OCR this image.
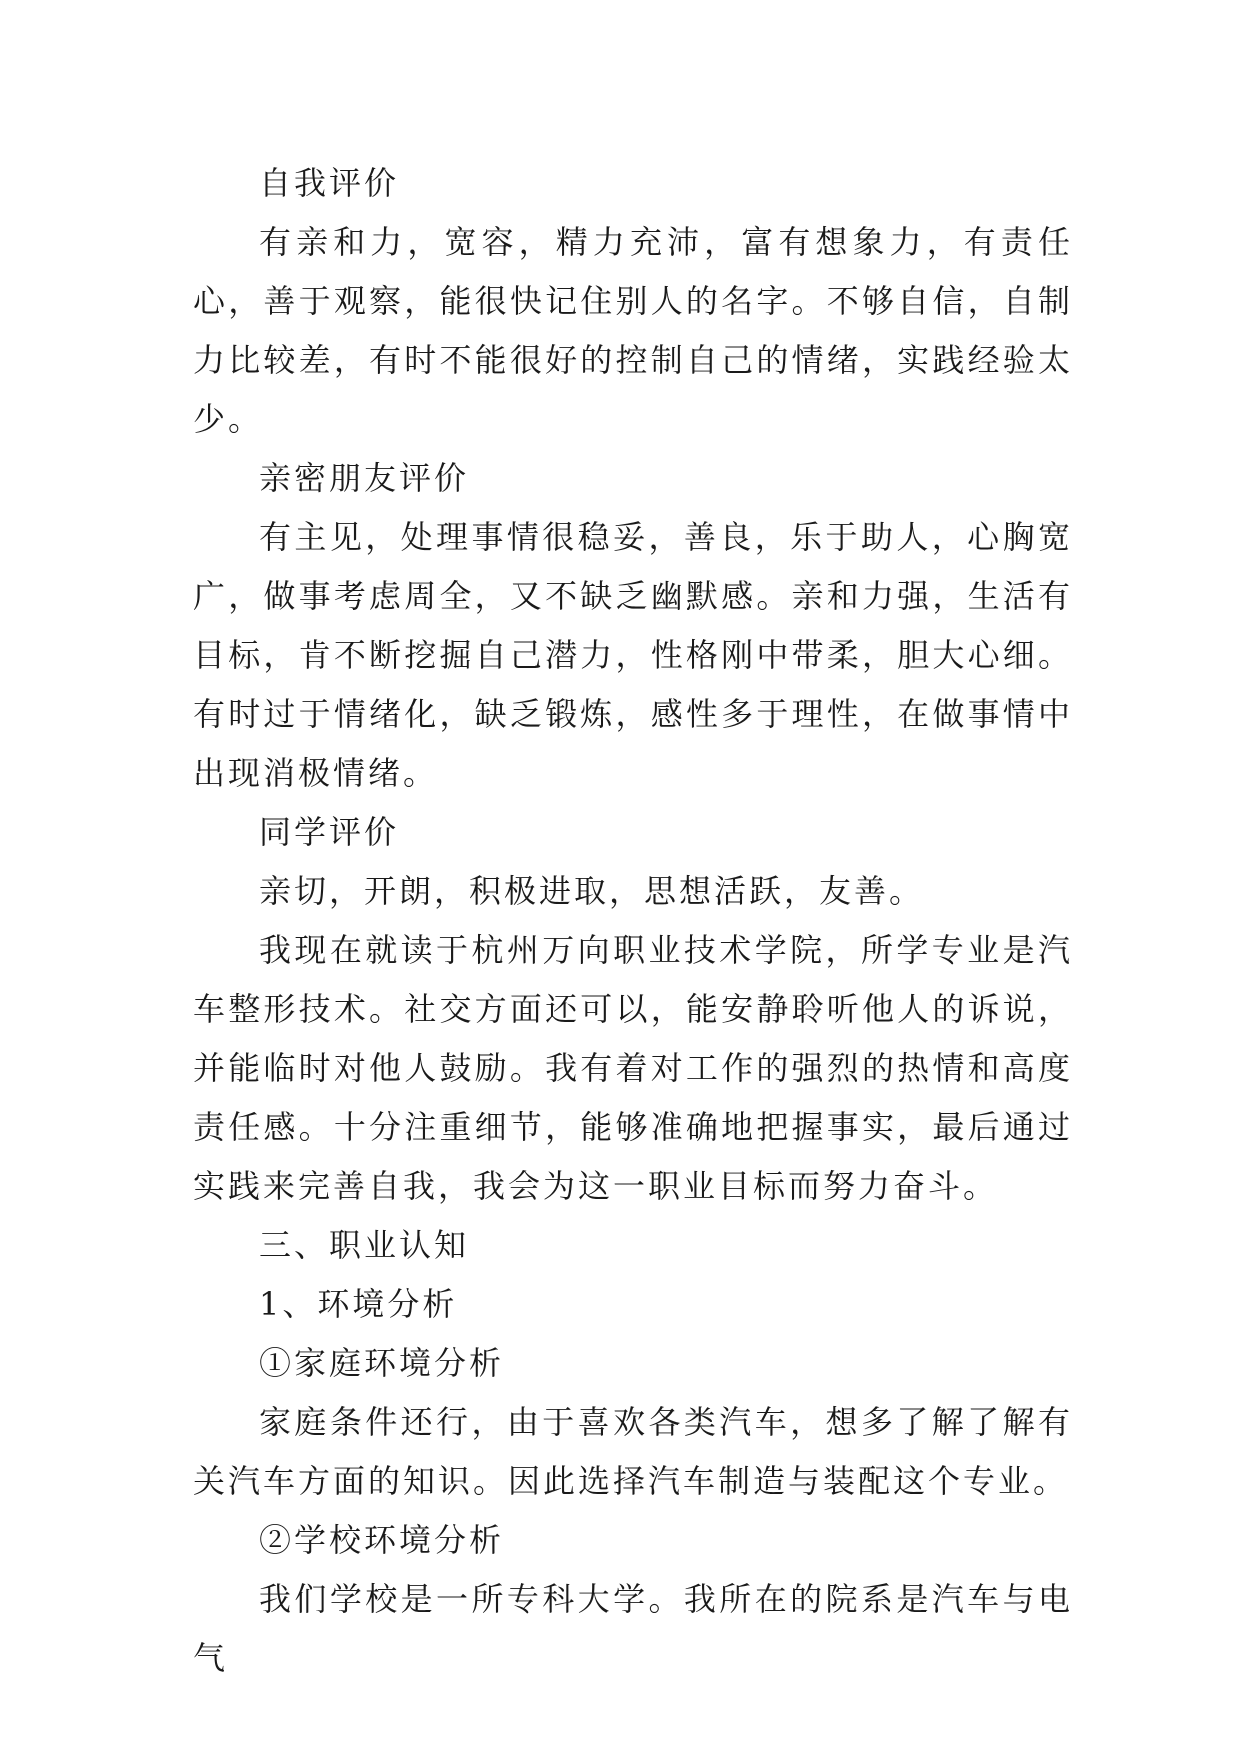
自我评价

有亲和力，宽容，精力充沛，富有想象力，有责任心，善于观察，能很快记住别人的名字。不够自信，自制力比较差，有时不能很好的控制自己的情绪，实践经验太少。

亲密朋友评价

有主见，处理事情很稳妥，善良，乐于助人，心胸宽广，做事考虑周全，又不缺乏幽默感。亲和力强，生活有目标，肯不断挖掘自己潜力，性格刚中带柔，胆大心细。有时过于情绪化，缺乏锻炼，感性多于理性，在做事情中出现消极情绪。

同学评价

亲切，开朗，积极进取，思想活跃，友善。

我现在就读于杭州万向职业技术学院，所学专业是汽车整形技术。社交方面还可以，能安静聆听他人的诉说，并能临时对他人鼓励。我有着对工作的强烈的热情和高度责任感。十分注重细节，能够准确地把握事实，最后通过实践来完善自我，我会为这一职业目标而努力奋斗。

三、职业认知

1、环境分析

①家庭环境分析

家庭条件还行，由于喜欢各类汽车，想多了解了解有关汽车方面的知识。因此选择汽车制造与装配这个专业。

②学校环境分析

我们学校是一所专科大学。我所在的院系是汽车与电气
